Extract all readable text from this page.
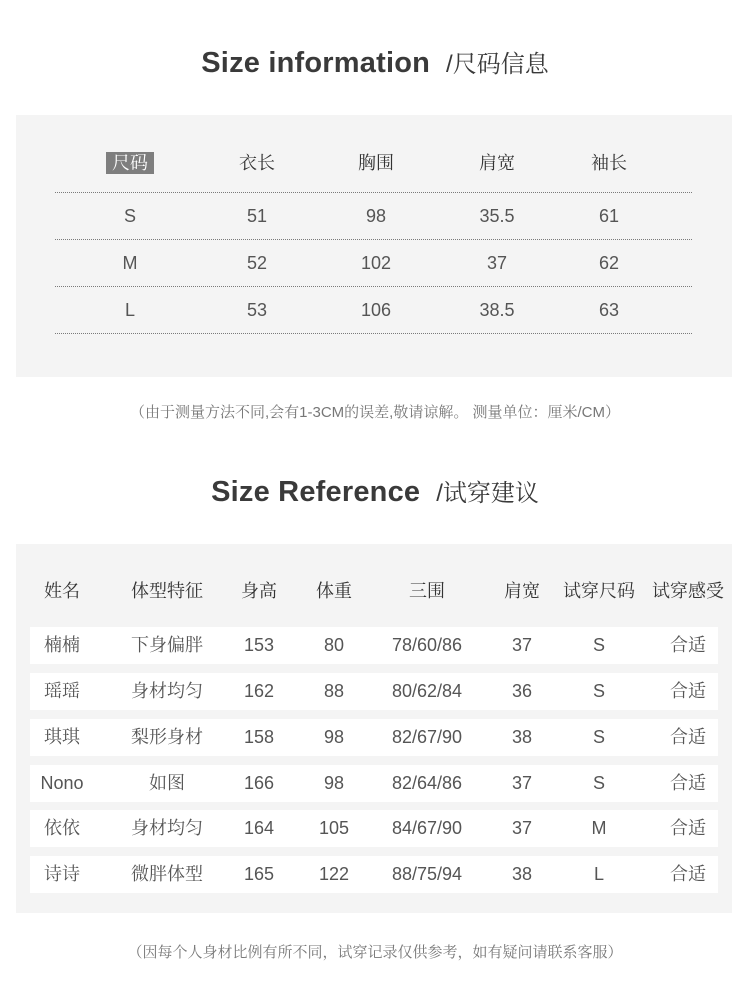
Size information /尺码信息
尺码	衣长	胸围	肩宽	袖长
S	51	98	35.5	61
M	52	102	37	62
L	53	106	38.5	63
（由于测量方法不同,会有1-3CM的误差,敬请谅解。 测量单位：厘米/CM）
Size Reference /试穿建议
姓名	体型特征	身高	体重	三围	肩宽	试穿尺码 试穿感受
楠楠	下身偏胖	153	80	78/60/86	37	S	合适
瑶瑶	身材均匀	162	88	80/62/84	36	S	合适
琪琪	梨形身材	158	98	82/67/90	38	S	合适
Nono	如图	166	98	82/64/86	37	S	合适
依依	身材均匀	164	105	84/67/90	37	M	合适
诗诗	微胖体型	165	122	88/75/94	38	L	合适
（因每个人身材比例有所不同，试穿记录仅供参考，如有疑问请联系客服）
